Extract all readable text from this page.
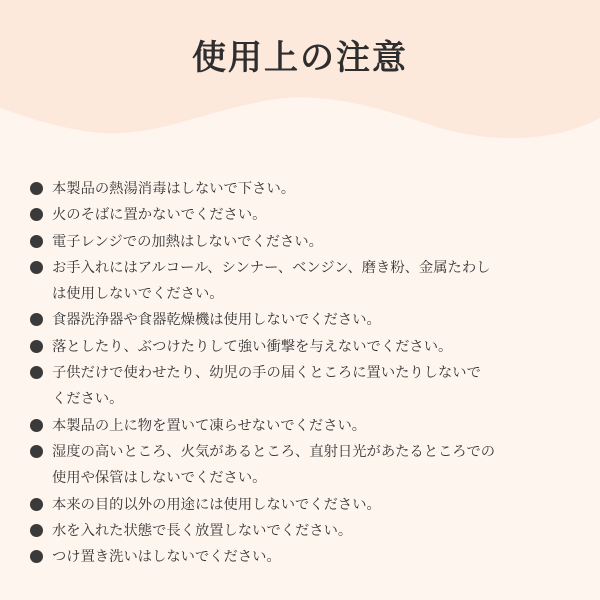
使用上の注意
本製品の熱湯消毒はしないで下さい。
火のそばに置かないでください。
電子レンジでの加熱はしないでください。
お手入れにはアルコール、シンナー、ベンジン、磨き粉、金属たわし
は使用しないでください。
食器洗浄器や食器乾燥機は使用しないでください。
落としたり、ぶつけたりして強い衝撃を与えないでください。
子供だけで使わせたり、幼児の手の届くところに置いたりしないで
ください。
本製品の上に物を置いて凍らせないでください。
湿度の高いところ、火気があるところ、直射日光があたるところでの
使用や保管はしないでください。
本来の目的以外の用途には使用しないでください。
水を入れた状態で長く放置しないでください。
つけ置き洗いはしないでください。
